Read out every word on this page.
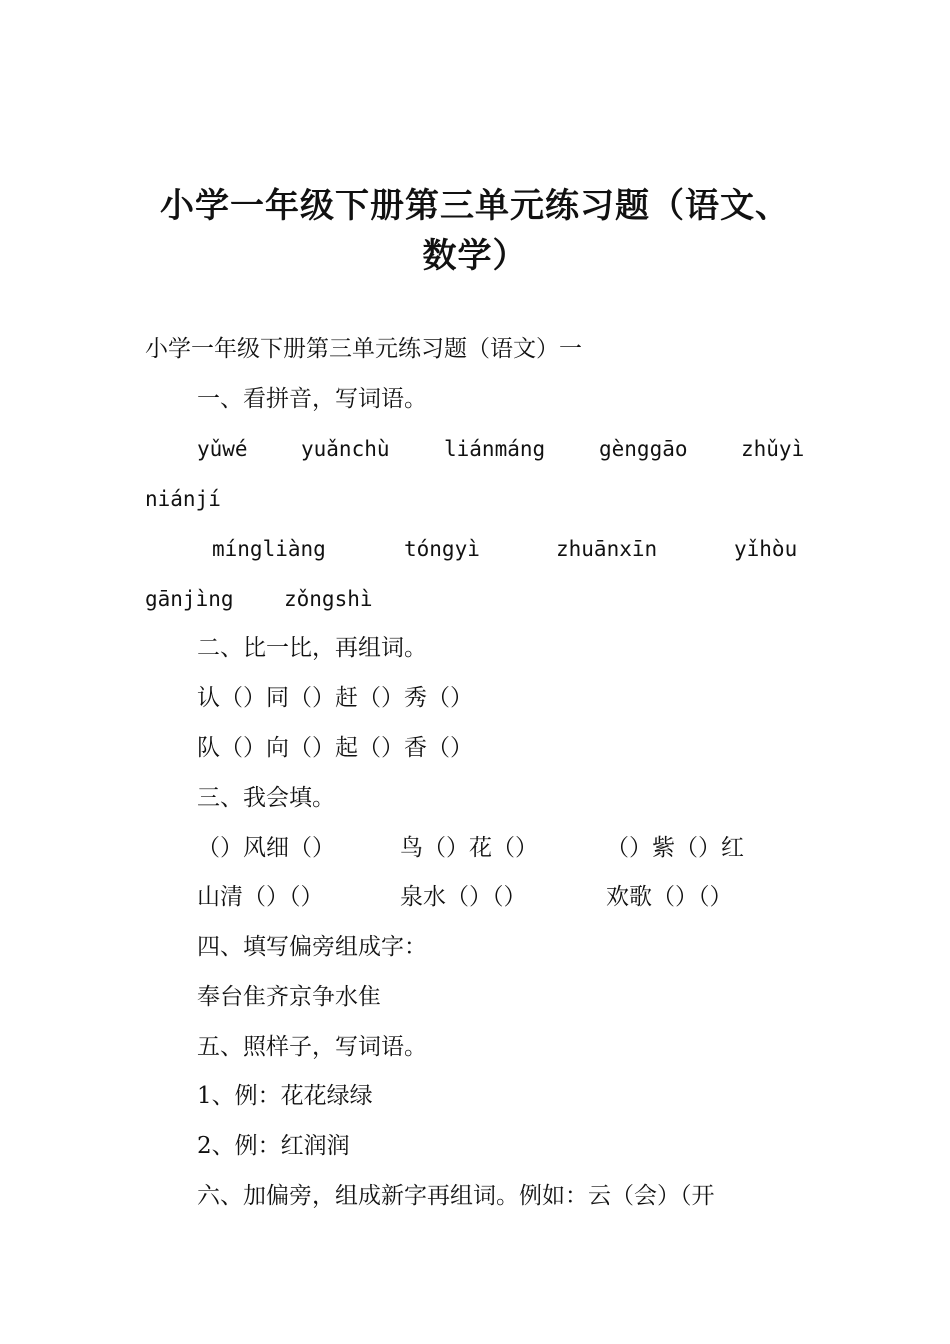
小学一年级下册第三单元练习题（语文、
数学）
小学一年级下册第三单元练习题（语文）一
一、看拼音，写词语。
yǔwé	yuǎnchù	liánmáng	gènggāo	zhǔyì
niánjí
míngliàng	tóngyì	zhuānxīn	yǐhòu
gānjìng zǒngshì
二、比一比，再组词。
认（）同（）赶（）秀（）
队（）向（）起（）香（）
三、我会填。
（）风细（）	鸟（）花（）	（）紫（）红
山清（）（）	泉水（）（）	欢歌（）（）
四、填写偏旁组成字：
奉台隹齐京争水隹
五、照样子，写词语。
1、例：花花绿绿
2、例：红润润
六、加偏旁，组成新字再组词。例如：云（会）（开
